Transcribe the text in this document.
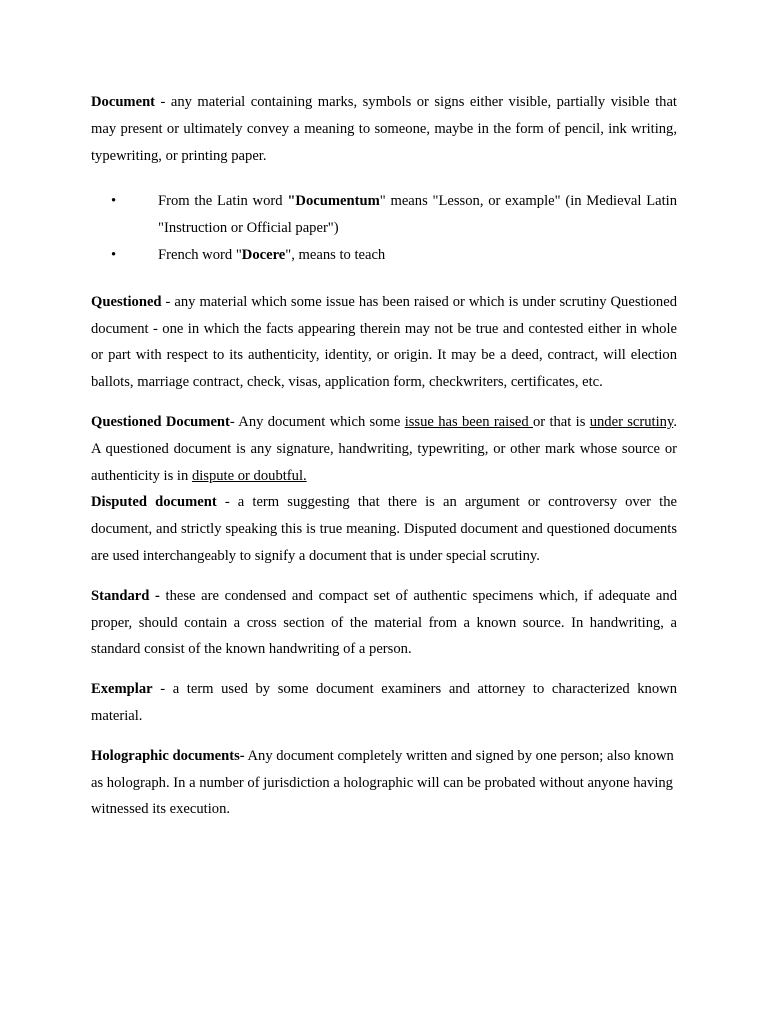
Document - any material containing marks, symbols or signs either visible, partially visible that may present or ultimately convey a meaning to someone, maybe in the form of pencil, ink writing, typewriting, or printing paper.

•	From the Latin word "Documentum" means "Lesson, or example" (in Medieval Latin "Instruction or Official paper")
•	French word "Docere", means to teach

Questioned - any material which some issue has been raised or which is under scrutiny Questioned document - one in which the facts appearing therein may not be true and contested either in whole or part with respect to its authenticity, identity, or origin. It may be a deed, contract, will election ballots, marriage contract, check, visas, application form, checkwriters, certificates, etc.

Questioned Document- Any document which some issue has been raised or that is under scrutiny. A questioned document is any signature, handwriting, typewriting, or other mark whose source or authenticity is in dispute or doubtful.

Disputed document - a term suggesting that there is an argument or controversy over the document, and strictly speaking this is true meaning. Disputed document and questioned documents are used interchangeably to signify a document that is under special scrutiny.

Standard - these are condensed and compact set of authentic specimens which, if adequate and proper, should contain a cross section of the material from a known source. In handwriting, a standard consist of the known handwriting of a person.

Exemplar - a term used by some document examiners and attorney to characterized known material.

Holographic documents- Any document completely written and signed by one person; also known as holograph. In a number of jurisdiction a holographic will can be probated without anyone having witnessed its execution.
